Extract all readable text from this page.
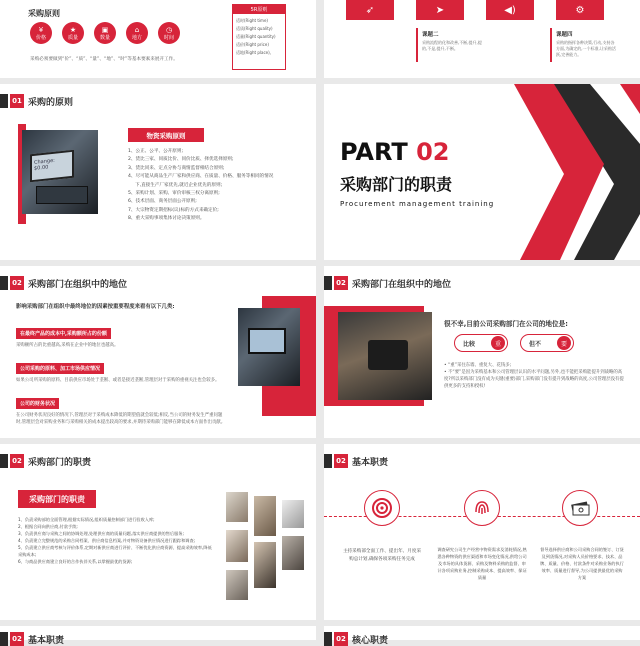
采购原则
¥
价格
★
质量
▣
数量
⌂
地方
◷
时间
采购必须要做到“价”、“质”、“量”、“地”、“时”等基本要素来展开工作。
5R原则
适时(Right time)
适质(Right quality)
适量(Right quantity)
适价(Right price)
适地(Right place)。
➶	➤	◀)	⚙
课题二
采购流程的化和改善,不断,提升,提的,不是,提升,不断。
课题四
采购的指挥各种决策,行动,支持各方面,为确定的,一个标准,让采购活跃,完善能力。
01 采购的原则
Change: $0.00
物资采购原则
1、公正、公平、公开原则;
2、货比三家、同质比价、同价比质、择优选择原则;
3、货比同来、定点分协与商情监督相结合原则;
4、尽可能从商品生产厂家和供应商、在质量、价格、服务等相同的情况
下,直接生产厂家优先,就近企业优先的原则;
5、采购计划、采购、审价审核三权分离原则;
6、技术层面、商务层面公开原则;
7、大宗物资定期招标(议)标的方式来确定价;
8、重大采购事项集体讨论决策原则。
PART 02
采购部门的职责
Procurement management training
02 采购部门在组织中的地位
影响采购部门在组织中最终地位的因素按重要程度来看有以下几类:
在最终产品的成本中,采购额所占的份额
采购额所占的比重越高,采购在企业中的地位也越高。
公司采购的原料、加工市场供应情况
如果公司所采购的原料、目前供应市场处于垄断、或者是接近垄断,管理层对于采购的重视关注也会较多。
公司的财务状况
在公司财务状况良好的情况下,管理层对于采购成本降低的期望值就会较低;相反,当公司的财务发生严重问题时,管理层会对采购业务和与采购相关的成本提出较高的要求,并期待采购部门能够在降低成本方面作出贡献。
02 采购部门在组织中的地位
很不幸,目前公司采购部门在公司的地位是:
比较	重	但不	要
• “重”采往东墙、重复大、花钱多;
• 不“要”是因为采购基本和公司管理层认识的水平问题,另外,也不能把采购能提升到战略的高度?所以采购部门没有成为关键(重要)部门,采购部门没有提升到战略的高度,公司管理层没有提供更多的支持和授权!
02 采购部门的职责
采购部门的职责
1、负责采购部的全面管理,根据实际情况,组织质量控制部门进行验收入库;
2、根据合同向供应商,付款手续;
3、负责供应商与采购之间的协调处理,处理供应商的质量问题,落实供应商提供的售后服务;
4、负责建立完整规范的采购合同档案、供应商信息档案,并对物资设备供应情况进行跟踪和调查;
5、负责建立供应商考核与评价体系,定期对新供应商进行评价、不断优化供应商资源、提高采购效率,降低采购成本;
6、与商品供应商建立良好的合作伙伴关系,以掌握最优的货源;
02 基本职责
主持采购部全面工作、提出年、月度采购总计划,确保各项采购任务完成
调查研究公司生产经营中物资需求及消耗情况,熟悉各种物资的供应渠道和市场变化情况,供给公司及市场的具体货源、采购及物料采购的监督、审计各项采购业务,控制采购成本、提高效率、保证质量
督导选择供应商和公司采购合同的签订、订货及到货情况,对采购人员价格要求、技术、品牌、质量、价格、付款条件对采购业务的执行效率、质量进行督导,为公司提供最优的采购方案
02 基本职责	02 核心职责
